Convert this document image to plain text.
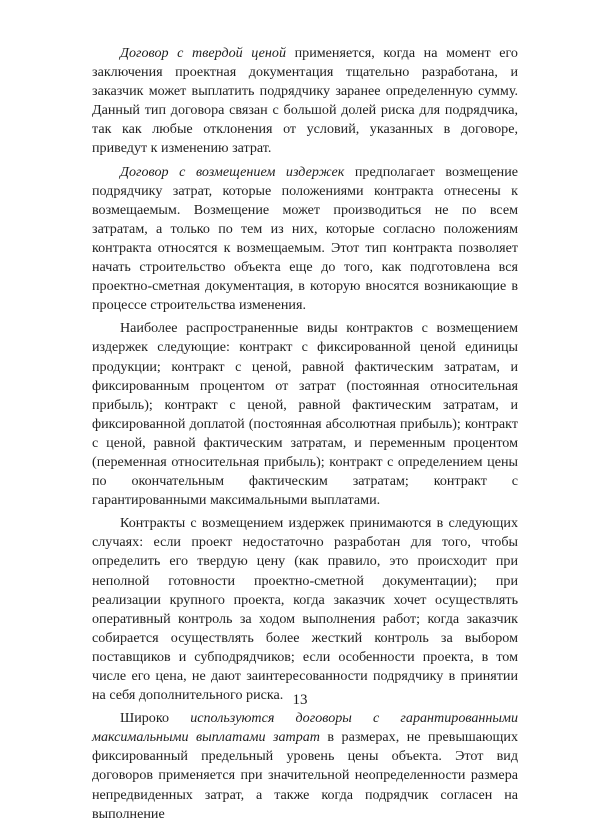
Договор с твердой ценой применяется, когда на момент его заключения проектная документация тщательно разработана, и заказчик может выплатить подрядчику заранее определенную сумму. Данный тип договора связан с большой долей риска для подрядчика, так как любые отклонения от условий, указанных в договоре, приведут к изменению затрат.

Договор с возмещением издержек предполагает возмещение подрядчику затрат, которые положениями контракта отнесены к возмещаемым. Возмещение может производиться не по всем затратам, а только по тем из них, которые согласно положениям контракта относятся к возмещаемым. Этот тип контракта позволяет начать строительство объекта еще до того, как подготовлена вся проектно-сметная документация, в которую вносятся возникающие в процессе строительства изменения.

Наиболее распространенные виды контрактов с возмещением издержек следующие: контракт с фиксированной ценой единицы продукции; контракт с ценой, равной фактическим затратам, и фиксированным процентом от затрат (постоянная относительная прибыль); контракт с ценой, равной фактическим затратам, и фиксированной доплатой (постоянная абсолютная прибыль); контракт с ценой, равной фактическим затратам, и переменным процентом (переменная относительная прибыль); контракт с определением цены по окончательным фактическим затратам; контракт с гарантированными максимальными выплатами.

Контракты с возмещением издержек принимаются в следующих случаях: если проект недостаточно разработан для того, чтобы определить его твердую цену (как правило, это происходит при неполной готовности проектно-сметной документации); при реализации крупного проекта, когда заказчик хочет осуществлять оперативный контроль за ходом выполнения работ; когда заказчик собирается осуществлять более жесткий контроль за выбором поставщиков и субподрядчиков; если особенности проекта, в том числе его цена, не дают заинтересованности подрядчику в принятии на себя дополнительного риска.

Широко используются договоры с гарантированными максимальными выплатами затрат в размерах, не превышающих фиксированный предельный уровень цены объекта. Этот вид договоров применяется при значительной неопределенности размера непредвиденных затрат, а также когда подрядчик согласен на выполнение

13
